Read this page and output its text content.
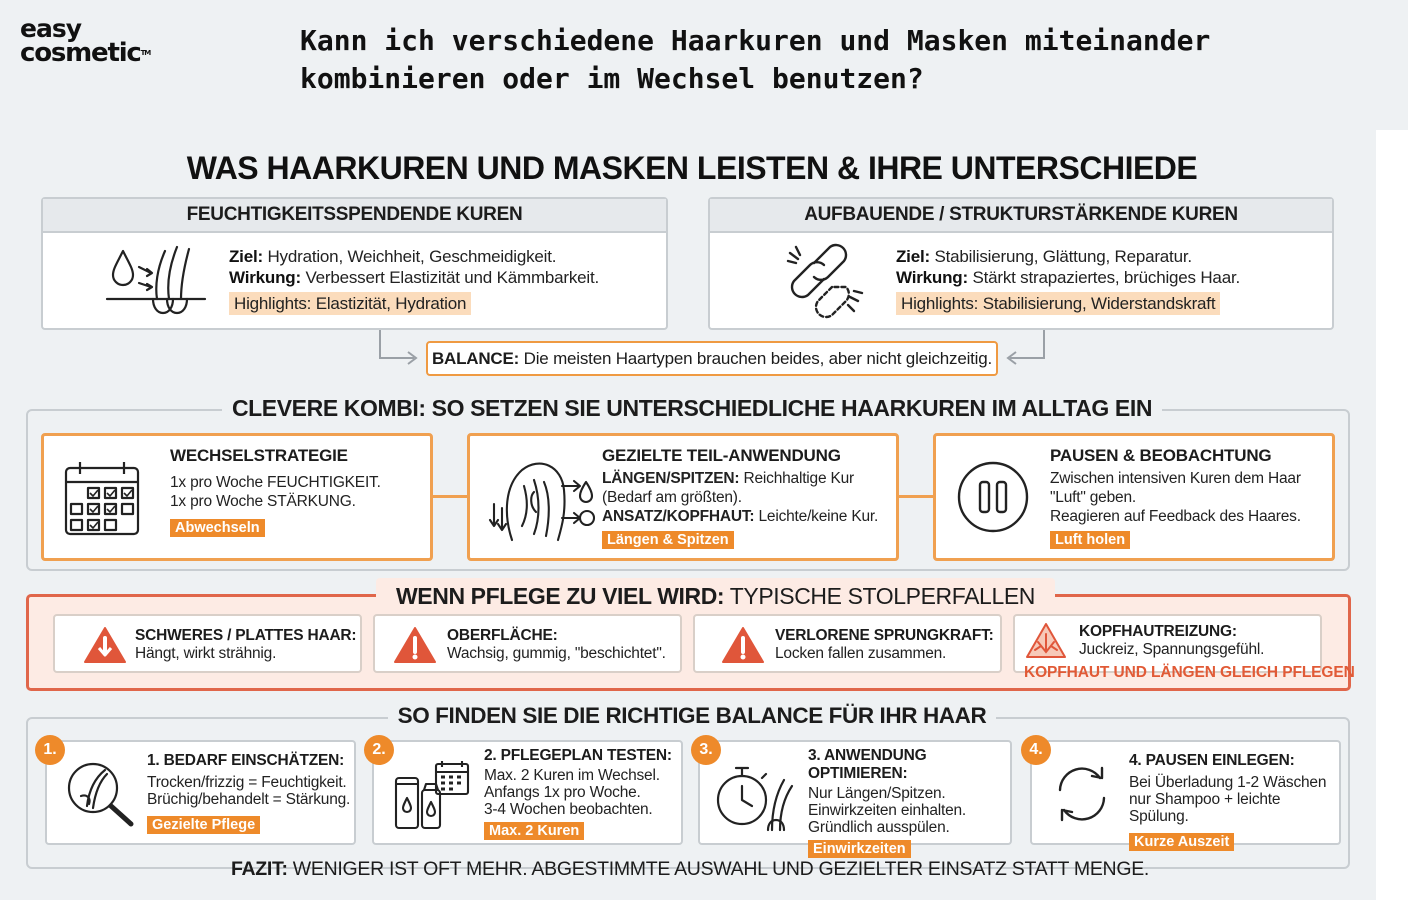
easy
cosmetic™	Kann ich verschiedene Haarkuren und Masken miteinander kombinieren oder im Wechsel benutzen?
WAS HAARKUREN UND MASKEN LEISTEN & IHRE UNTERSCHIEDE
FEUCHTIGKEITSSPENDENDE KUREN
Ziel: Hydration, Weichheit, Geschmeidigkeit.
Wirkung: Verbessert Elastizität und Kämmbarkeit.
Highlights: Elastizität, Hydration
AUFBAUENDE / STRUKTURSTÄRKENDE KUREN
Ziel: Stabilisierung, Glättung, Reparatur.
Wirkung: Stärkt strapaziertes, brüchiges Haar.
Highlights: Stabilisierung, Widerstandskraft
BALANCE: Die meisten Haartypen brauchen beides, aber nicht gleichzeitig.
CLEVERE KOMBI: SO SETZEN SIE UNTERSCHIEDLICHE HAARKUREN IM ALLTAG EIN
WECHSELSTRATEGIE
1x pro Woche FEUCHTIGKEIT.
1x pro Woche STÄRKUNG.
Abwechseln
GEZIELTE TEIL-ANWENDUNG
LÄNGEN/SPITZEN: Reichhaltige Kur
(Bedarf am größten).
ANSATZ/KOPFHAUT: Leichte/keine Kur.
Längen & Spitzen
PAUSEN & BEOBACHTUNG
Zwischen intensiven Kuren dem Haar
"Luft" geben.
Reagieren auf Feedback des Haares.
Luft holen
WENN PFLEGE ZU VIEL WIRD: TYPISCHE STOLPERFALLEN
SCHWERES / PLATTES HAAR:
Hängt, wirkt strähnig.
OBERFLÄCHE:
Wachsig, gummig, "beschichtet".
VERLORENE SPRUNGKRAFT:
Locken fallen zusammen.
KOPFHAUTREIZUNG:
Juckreiz, Spannungsgefühl.
KOPFHAUT UND LÄNGEN GLEICH PFLEGEN
SO FINDEN SIE DIE RICHTIGE BALANCE FÜR IHR HAAR
1. BEDARF EINSCHÄTZEN:
Trocken/frizzig = Feuchtigkeit.
Brüchig/behandelt = Stärkung.
Gezielte Pflege
1.	2. PFLEGEPLAN TESTEN:
Max. 2 Kuren im Wechsel.
Anfangs 1x pro Woche.
3-4 Wochen beobachten.
Max. 2 Kuren
2.	3. ANWENDUNG OPTIMIEREN:
Nur Längen/Spitzen.
Einwirkzeiten einhalten.
Gründlich ausspülen.
Einwirkzeiten
3.
4. PAUSEN EINLEGEN:
Bei Überladung 1-2 Wäschen
nur Shampoo + leichte Spülung.
Kurze Auszeit
4.
FAZIT: WENIGER IST OFT MEHR. ABGESTIMMTE AUSWAHL UND GEZIELTER EINSATZ STATT MENGE.
